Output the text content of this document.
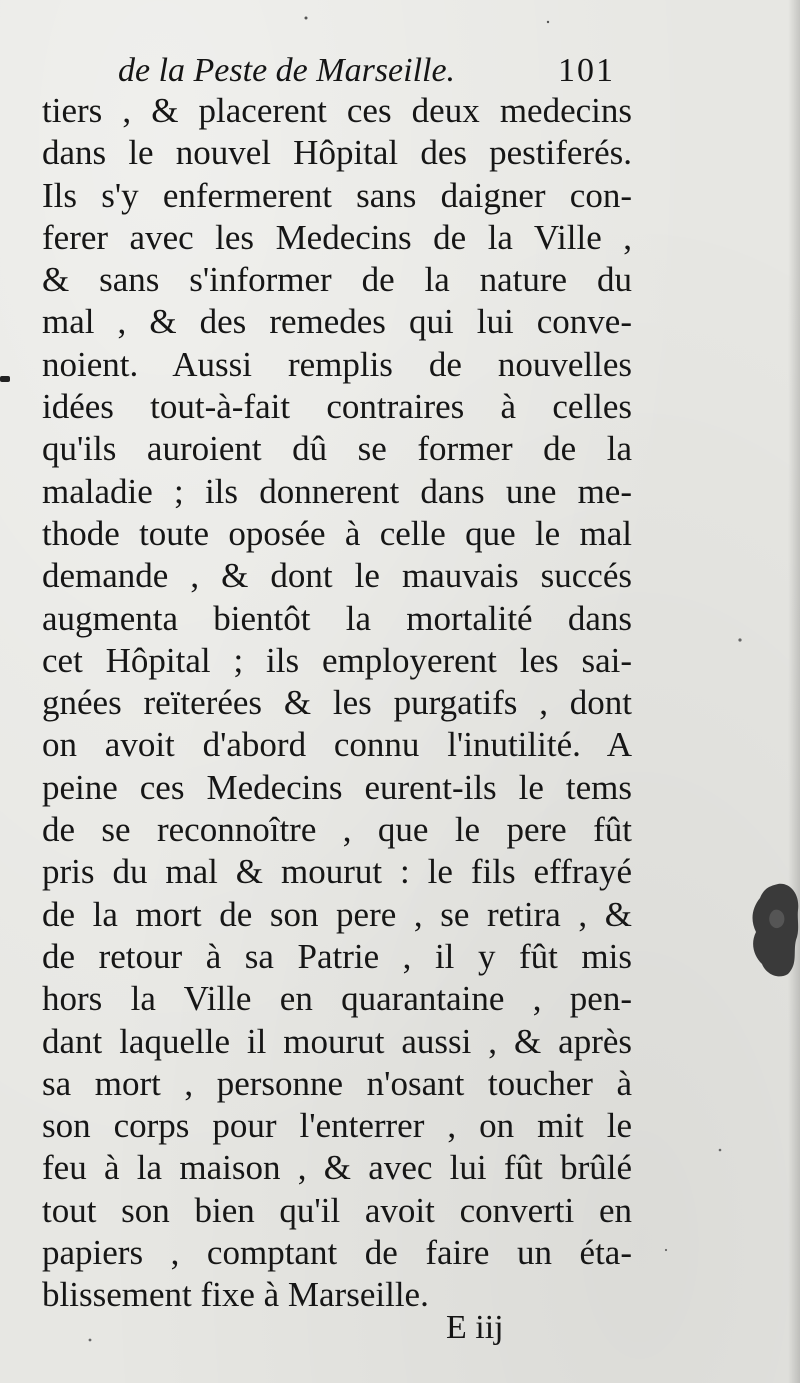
de la Peste de Marseille.	101
tiers , & placerent ces deux medecins
dans le nouvel Hôpital des pestiferés.
Ils s'y enfermerent sans daigner con-
ferer avec les Medecins de la Ville ,
& sans s'informer de la nature du
mal , & des remedes qui lui conve-
noient. Aussi remplis de nouvelles
idées tout-à-fait contraires à celles
qu'ils auroient dû se former de la
maladie ; ils donnerent dans une me-
thode toute oposée à celle que le mal
demande , & dont le mauvais succés
augmenta bientôt la mortalité dans
cet Hôpital ; ils employerent les sai-
gnées reïterées & les purgatifs , dont
on avoit d'abord connu l'inutilité. A
peine ces Medecins eurent-ils le tems
de se reconnoître , que le pere fût
pris du mal & mourut : le fils effrayé
de la mort de son pere , se retira , &
de retour à sa Patrie , il y fût mis
hors la Ville en quarantaine , pen-
dant laquelle il mourut aussi , & après
sa mort , personne n'osant toucher à
son corps pour l'enterrer , on mit le
feu à la maison , & avec lui fût brûlé
tout son bien qu'il avoit converti en
papiers , comptant de faire un éta-
blissement fixe à Marseille.
E iij
